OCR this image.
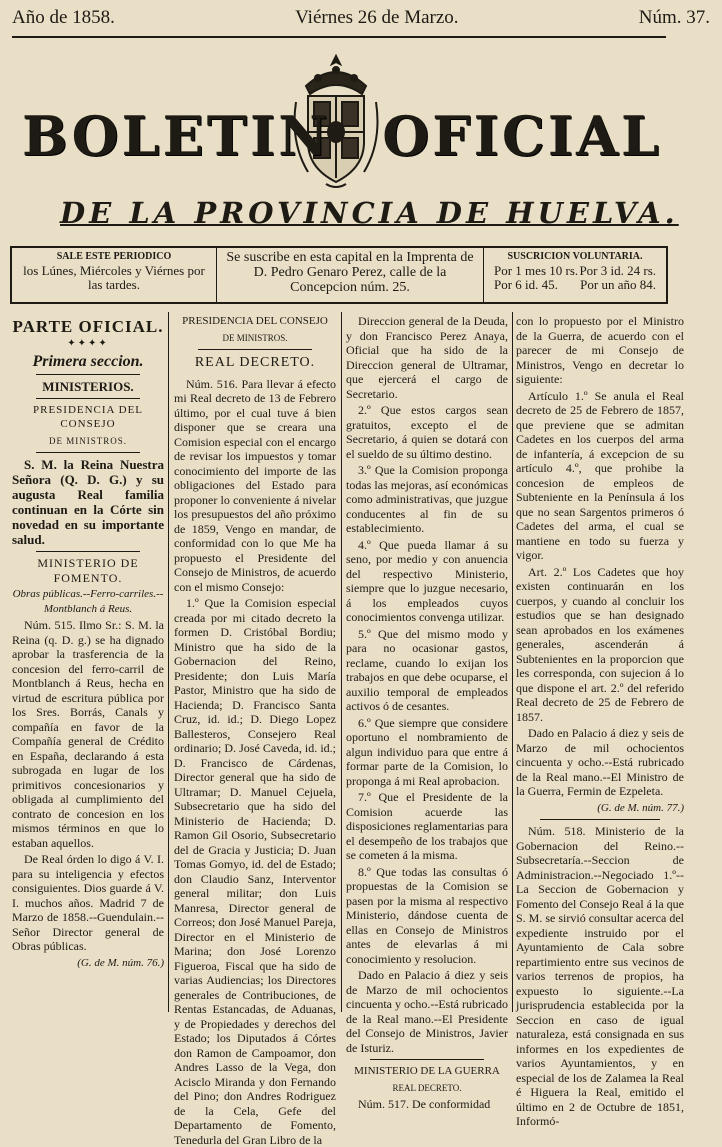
Año de 1858.	Viérnes 26 de Marzo.	Núm. 37.
BOLETIN OFICIAL
DE LA PROVINCIA DE HUELVA.
SALE ESTE PERIODICO
los Lúnes, Miércoles y Viérnes por las tardes.
Se suscribe en esta capital en la Imprenta de D. Pedro Genaro Perez, calle de la Concepcion núm. 25.
SUSCRICION VOLUNTARIA.
Por 1 mes 10 rs. Por 3 id. 24 rs.
Por 6 id. 45. Por un año 84.

PARTE OFICIAL.

✦✦✦✦

Primera seccion.

MINISTERIOS.

PRESIDENCIA DEL CONSEJO

DE MINISTROS.

S. M. la Reina Nuestra Señora (Q. D. G.) y su augusta Real familia continuan en la Córte sin novedad en su importante salud.

MINISTERIO DE FOMENTO.

Obras públicas.--Ferro-carriles.--Montblanch á Reus.

Núm. 515. Ilmo Sr.: S. M. la Reina (q. D. g.) se ha dignado aprobar la trasferencia de la concesion del ferro-carril de Montblanch á Reus, hecha en virtud de escritura pública por los Sres. Borrás, Canals y compañía en favor de la Compañía general de Crédito en España, declarando á esta subrogada en lugar de los primitivos concesionarios y obligada al cumplimiento del contrato de concesion en los mismos términos en que lo estaban aquellos.

De Real órden lo digo á V. I. para su inteligencia y efectos consiguientes. Dios guarde á V. I. muchos años. Madrid 7 de Marzo de 1858.--Guendulain.--Señor Director general de Obras públicas.

(G. de M. núm. 76.)

PRESIDENCIA DEL CONSEJO

DE MINISTROS.

REAL DECRETO.

Núm. 516. Para llevar á efecto mi Real decreto de 13 de Febrero último, por el cual tuve á bien disponer que se creara una Comision especial con el encargo de revisar los impuestos y tomar conocimiento del importe de las obligaciones del Estado para proponer lo conveniente á nivelar los presupuestos del año próximo de 1859, Vengo en mandar, de conformidad con lo que Me ha propuesto el Presidente del Consejo de Ministros, de acuerdo con el mismo Consejo:

1.º Que la Comision especial creada por mi citado decreto la formen D. Cristóbal Bordiu; Ministro que ha sido de la Gobernacion del Reino, Presidente; don Luis María Pastor, Ministro que ha sido de Hacienda; D. Francisco Santa Cruz, id. id.; D. Diego Lopez Ballesteros, Consejero Real ordinario; D. José Caveda, id. id.; D. Francisco de Cárdenas, Director general que ha sido de Ultramar; D. Manuel Cejuela, Subsecretario que ha sido del Ministerio de Hacienda; D. Ramon Gil Osorio, Subsecretario del de Gracia y Justicia; D. Juan Tomas Gomyo, id. del de Estado; don Claudio Sanz, Interventor general militar; don Luis Manresa, Director general de Correos; don José Manuel Pareja, Director en el Ministerio de Marina; don José Lorenzo Figueroa, Fiscal que ha sido de varias Audiencias; los Directores generales de Contribuciones, de Rentas Estancadas, de Aduanas, y de Propiedades y derechos del Estado; los Diputados á Córtes don Ramon de Campoamor, don Andres Lasso de la Vega, don Acisclo Miranda y don Fernando del Pino; don Andres Rodriguez de la Cela, Gefe del Departamento de Fomento, Tenedurla del Gran Libro de la

Direccion general de la Deuda, y don Francisco Perez Anaya, Oficial que ha sido de la Direccion general de Ultramar, que ejercerá el cargo de Secretario.

2.º Que estos cargos sean gratuitos, excepto el de Secretario, á quien se dotará con el sueldo de su último destino.

3.º Que la Comision proponga todas las mejoras, así económicas como administrativas, que juzgue conducentes al fin de su establecimiento.

4.º Que pueda llamar á su seno, por medio y con anuencia del respectivo Ministerio, siempre que lo juzgue necesario, á los empleados cuyos conocimientos convenga utilizar.

5.º Que del mismo modo y para no ocasionar gastos, reclame, cuando lo exijan los trabajos en que debe ocuparse, el auxilio temporal de empleados activos ó de cesantes.

6.º Que siempre que considere oportuno el nombramiento de algun individuo para que entre á formar parte de la Comision, lo proponga á mi Real aprobacion.

7.º Que el Presidente de la Comision acuerde las disposiciones reglamentarias para el desempeño de los trabajos que se cometen á la misma.

8.º Que todas las consultas ó propuestas de la Comision se pasen por la misma al respectivo Ministerio, dándose cuenta de ellas en Consejo de Ministros antes de elevarlas á mi conocimiento y resolucion.

Dado en Palacio á diez y seis de Marzo de mil ochocientos cincuenta y ocho.--Está rubricado de la Real mano.--El Presidente del Consejo de Ministros, Javier de Isturiz.

MINISTERIO DE LA GUERRA

REAL DECRETO.

Núm. 517. De conformidad

con lo propuesto por el Ministro de la Guerra, de acuerdo con el parecer de mi Consejo de Ministros, Vengo en decretar lo siguiente:

Artículo 1.º Se anula el Real decreto de 25 de Febrero de 1857, que previene que se admitan Cadetes en los cuerpos del arma de infantería, á excepcion de su artículo 4.º, que prohibe la concesion de empleos de Subteniente en la Península á los que no sean Sargentos primeros ó Cadetes del arma, el cual se mantiene en todo su fuerza y vigor.

Art. 2.º Los Cadetes que hoy existen continuarán en los cuerpos, y cuando al concluir los estudios que se han designado sean aprobados en los exámenes generales, ascenderán á Subtenientes en la proporcion que les corresponda, con sujecion á lo que dispone el art. 2.º del referido Real decreto de 25 de Febrero de 1857.

Dado en Palacio á diez y seis de Marzo de mil ochocientos cincuenta y ocho.--Está rubricado de la Real mano.--El Ministro de la Guerra, Fermin de Ezpeleta.

(G. de M. núm. 77.)

Núm. 518. Ministerio de la Gobernacion del Reino.--Subsecretaría.--Seccion de Administracion.--Negociado 1.º--La Seccion de Gobernacion y Fomento del Consejo Real á la que S. M. se sirvió consultar acerca del expediente instruido por el Ayuntamiento de Cala sobre repartimiento entre sus vecinos de varios terrenos de propios, ha expuesto lo siguiente.--La jurisprudencia establecida por la Seccion en caso de igual naturaleza, está consignada en sus informes en los expedientes de varios Ayuntamientos, y en especial de los de Zalamea la Real é Higuera la Real, emitido el último en 2 de Octubre de 1851, Informó-
